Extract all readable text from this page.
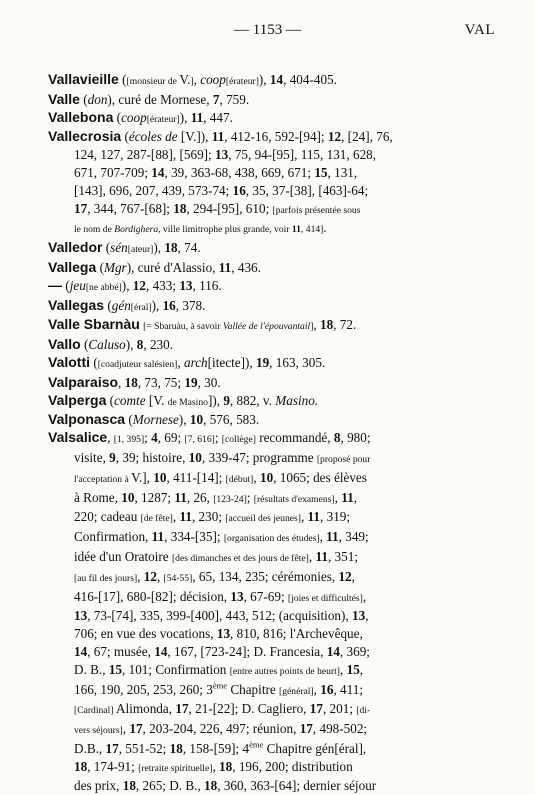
— 1153 —	VAL
Vallavieille ([monsieur de V.], coop[érateur]), 14, 404-405.
Valle (don), curé de Mornese, 7, 759.
Vallebona (coop[érateur]), 11, 447.
Vallecrosia (écoles de [V.]), 11, 412-16, 592-[94]; 12, [24], 76,
124, 127, 287-[88], [569]; 13, 75, 94-[95], 115, 131, 628,
671, 707-709; 14, 39, 363-68, 438, 669, 671; 15, 131,
[143], 696, 207, 439, 573-74; 16, 35, 37-[38], [463]-64;
17, 344, 767-[68]; 18, 294-[95], 610; [parfois présentée sous
le nom de Bordighera, ville limitrophe plus grande, voir 11, 414].
Valledor (sén[ateur]), 18, 74.
Vallega (Mgr), curé d'Alassio, 11, 436.
— (jeu[ne abbé]), 12, 433; 13, 116.
Vallegas (gén[éral]), 16, 378.
Valle Sbarnàu [= Sbaruàu, à savoir Vallée de l'épouvantail], 18, 72.
Vallo (Caluso), 8, 230.
Valotti ([coadjuteur salésien], arch[itecte]), 19, 163, 305.
Valparaiso, 18, 73, 75; 19, 30.
Valperga (comte [V. de Masino]), 9, 882, v. Masino.
Valponasca (Mornese), 10, 576, 583.
Valsalice, [1, 395]; 4, 69; [7, 616]; [collège] recommandé, 8, 980;
visite, 9, 39; histoire, 10, 339-47; programme [proposé pour
l'acceptation à V.], 10, 411-[14]; [début], 10, 1065; des élèves
à Rome, 10, 1287; 11, 26, [123-24]; [résultats d'examens], 11,
220; cadeau [de fête], 11, 230; [accueil des jeunes], 11, 319;
Confirmation, 11, 334-[35]; [organisation des études], 11, 349;
idée d'un Oratoire [des dimanches et des jours de fête], 11, 351;
[au fil des jours], 12, [54-55], 65, 134, 235; cérémonies, 12,
416-[17], 680-[82]; décision, 13, 67-69; [joies et difficultés],
13, 73-[74], 335, 399-[400], 443, 512; (acquisition), 13,
706; en vue des vocations, 13, 810, 816; l'Archevêque,
14, 67; musée, 14, 167, [723-24]; D. Francesia, 14, 369;
D. B., 15, 101; Confirmation [entre autres points de heurt], 15,
166, 190, 205, 253, 260; 3ème Chapitre [général], 16, 411;
[Cardinal] Alimonda, 17, 21-[22]; D. Cagliero, 17, 201; [di-
vers séjours], 17, 203-204, 226, 497; réunion, 17, 498-502;
D.B., 17, 551-52; 18, 158-[59]; 4ème Chapitre gén[éral],
18, 174-91; [retraite spirituelle], 18, 196, 200; distribution
des prix, 18, 265; D. B., 18, 360, 363-[64]; dernier séjour
